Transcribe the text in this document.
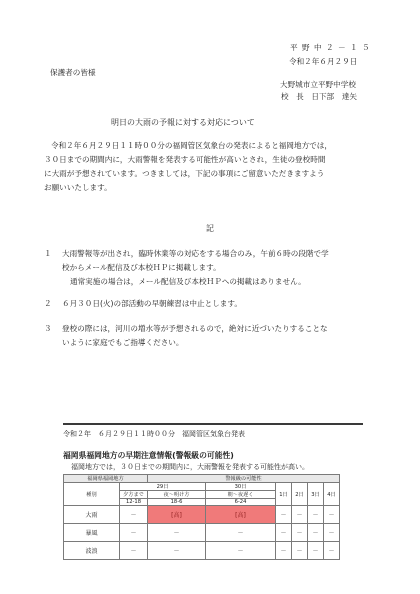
平 野 中 ２ － １ ５
令和２年６月２９日
保護者の皆様
大野城市立平野中学校
校　長　日下部　達矢
明日の大雨の予報に対する対応について
令和２年６月２９日１１時００分の福岡管区気象台の発表によると福岡地方では，
３０日までの期間内に，大雨警報を発表する可能性が高いとされ，生徒の登校時間
に大雨が予想されています。つきましては，下記の事項にご留意いただきますよう
お願いいたします。
記
１ 大雨警報等が出され，臨時休業等の対応をする場合のみ，午前６時の段階で学
校からメール配信及び本校ＨＰに掲載します。
通常実施の場合は，メール配信及び本校ＨＰへの掲載はありません。
２ ６月３０日(火)の部活動の早朝練習は中止とします。
３ 登校の際には，河川の増水等が予想されるので，絶対に近づいたりすることな
いように家庭でもご指導ください。
令和２年　６月２９日１１時００分　福岡管区気象台発表
福岡県福岡地方の早期注意情報(警報級の可能性)
福岡地方では，３０日までの期間内に，大雨警報を発表する可能性が高い。
福岡県福岡地方		警報級の可能性					
種別	29日		30日	1日	2日	3日	4日
	夕方まで	夜～明け方	朝～夜遅く				
	12-18	18-6	6-24				
大雨	－	[高]	[高]	－	－	－	－
暴風	－	－	－	－	－	－	－
波浪	－	－	－	－	－	－	－
